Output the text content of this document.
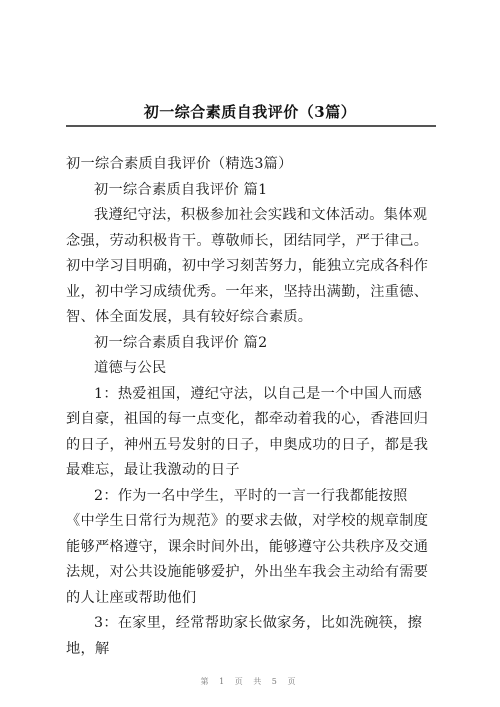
初一综合素质自我评价（3篇）

初一综合素质自我评价（精选3篇）

初一综合素质自我评价 篇1

我遵纪守法，积极参加社会实践和文体活动。集体观念强，劳动积极肯干。尊敬师长，团结同学，严于律己。初中学习目明确，初中学习刻苦努力，能独立完成各科作业，初中学习成绩优秀。一年来，坚持出满勤，注重德、智、体全面发展，具有较好综合素质。

初一综合素质自我评价 篇2

道德与公民

1：热爱祖国，遵纪守法，以自己是一个中国人而感到自豪，祖国的每一点变化，都牵动着我的心，香港回归的日子，神州五号发射的日子，申奥成功的日子，都是我最难忘，最让我激动的日子

2：作为一名中学生，平时的一言一行我都能按照《中学生日常行为规范》的要求去做，对学校的规章制度能够严格遵守，课余时间外出，能够遵守公共秩序及交通法规，对公共设施能够爱护，外出坐车我会主动给有需要的人让座或帮助他们

3：在家里，经常帮助家长做家务，比如洗碗筷，擦地，解

第 1 页 共 5 页
